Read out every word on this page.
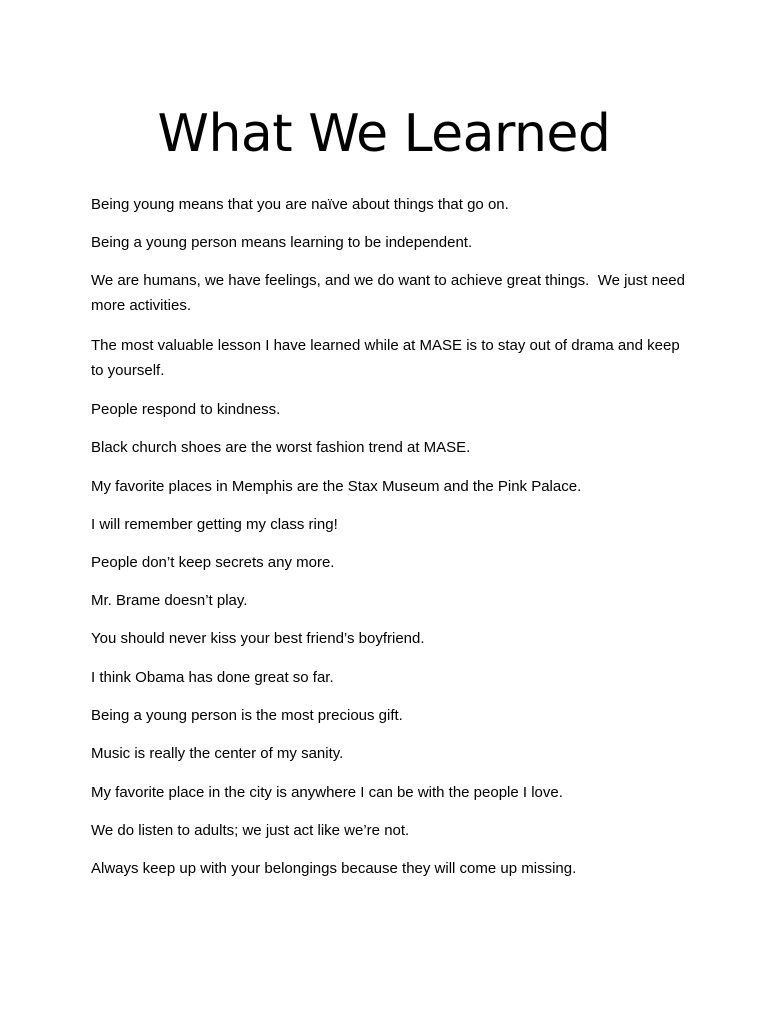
What We Learned

Being young means that you are naïve about things that go on.

Being a young person means learning to be independent.

We are humans, we have feelings, and we do want to achieve great things.  We just need more activities.

The most valuable lesson I have learned while at MASE is to stay out of drama and keep to yourself.

People respond to kindness.

Black church shoes are the worst fashion trend at MASE.

My favorite places in Memphis are the Stax Museum and the Pink Palace.

I will remember getting my class ring!

People don’t keep secrets any more.

Mr. Brame doesn’t play.

You should never kiss your best friend’s boyfriend.

I think Obama has done great so far.

Being a young person is the most precious gift.

Music is really the center of my sanity.

My favorite place in the city is anywhere I can be with the people I love.

We do listen to adults; we just act like we’re not.

Always keep up with your belongings because they will come up missing.
